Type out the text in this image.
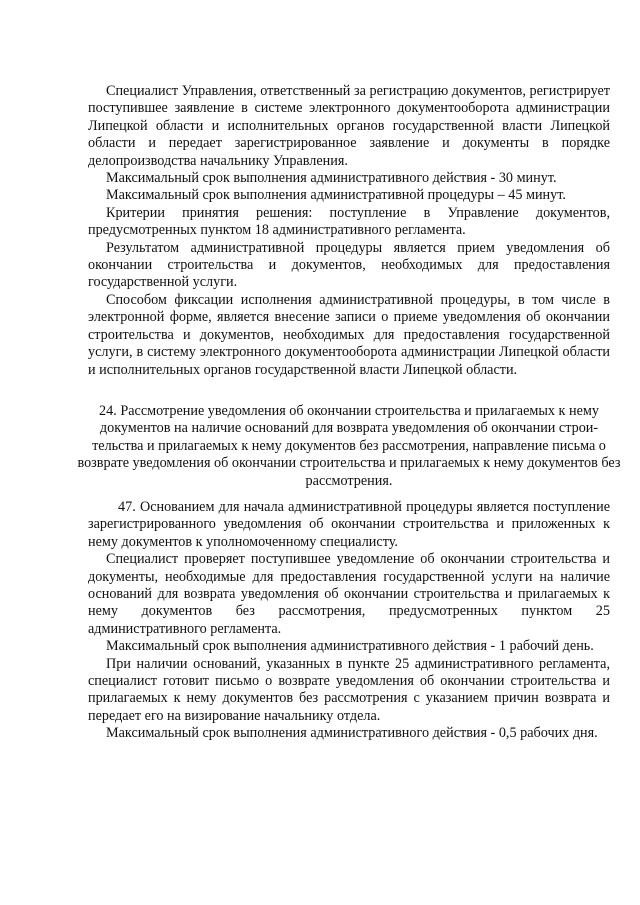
Специалист Управления, ответственный за регистрацию документов, регистрирует поступившее заявление в системе электронного документооборота администрации Липецкой области и исполнительных органов государственной власти Липецкой области и передает зарегистрированное заявление и документы в порядке делопроизводства начальнику Управления.

Максимальный срок выполнения административного действия - 30 минут.

Максимальный срок выполнения административной процедуры – 45 минут.

Критерии принятия решения: поступление в Управление документов, предусмотренных пунктом 18 административного регламента.

Результатом административной процедуры является прием уведомления об окончании строительства и документов, необходимых для предоставления государственной услуги.

Способом фиксации исполнения административной процедуры, в том числе в электронной форме, является внесение записи о приеме уведомления об окончании строительства и документов, необходимых для предоставления государственной услуги, в систему электронного документооборота администрации Липецкой области и исполнительных органов государственной власти Липецкой области.

24. Рассмотрение уведомления об окончании строительства и прилагаемых к нему документов на наличие оснований для возврата уведомления об окончании строи-тельства и прилагаемых к нему документов без рассмотрения, направление письма о возврате уведомления об окончании строительства и прилагаемых к нему документов без рассмотрения.

47. Основанием для начала административной процедуры является поступление зарегистрированного уведомления об окончании строительства и приложенных к нему документов к уполномоченному специалисту.

Специалист проверяет поступившее уведомление об окончании строительства и документы, необходимые для предоставления государственной услуги на наличие оснований для возврата уведомления об окончании строительства и прилагаемых к нему документов без рассмотрения, предусмотренных пунктом 25 административного регламента.

Максимальный срок выполнения административного действия - 1 рабочий день.

При наличии оснований, указанных в пункте 25 административного регламента, специалист готовит письмо о возврате уведомления об окончании строительства и прилагаемых к нему документов без рассмотрения с указанием причин возврата и передает его на визирование начальнику отдела.

Максимальный срок выполнения административного действия - 0,5 рабочих дня.
